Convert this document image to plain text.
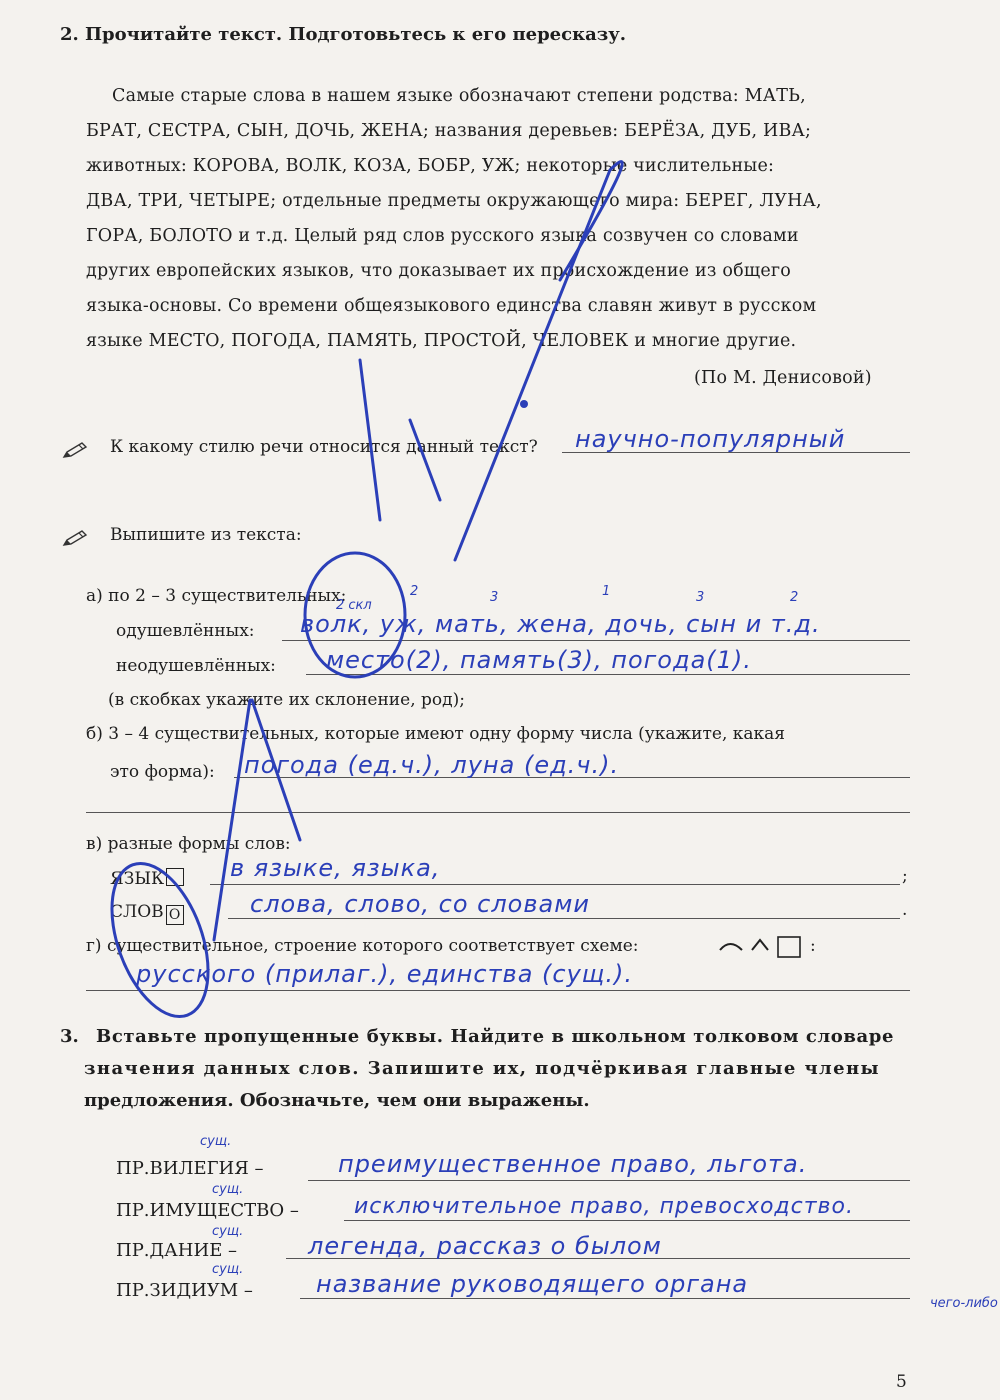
2. Прочитайте текст. Подготовьтесь к его пересказу.
Самые старые слова в нашем языке обозначают степени родства: МАТЬ,
БРАТ, СЕСТРА, СЫН, ДОЧЬ, ЖЕНА; названия деревьев: БЕРЁЗА, ДУБ, ИВА;
животных: КОРОВА, ВОЛК, КОЗА, БОБР, УЖ; некоторые числительные:
ДВА, ТРИ, ЧЕТЫРЕ; отдельные предметы окружающего мира: БЕРЕГ, ЛУНА,
ГОРА, БОЛОТО и т.д. Целый ряд слов русского языка созвучен со словами
других европейских языков, что доказывает их происхождение из общего
языка-основы. Со времени общеязыкового единства славян живут в русском
языке МЕСТО, ПОГОДА, ПАМЯТЬ, ПРОСТОЙ, ЧЕЛОВЕК и многие другие.
(По М. Денисовой)
К какому стилю речи относится данный текст? научно-популярный
Выпишите из текста:
а) по 2 – 3 существительных:
одушевлённых: волк, уж, мать, жена, дочь, сын и т.д.
2 скл
2	3	1	3	2
неодушевлённых: место(2), память(3), погода(1).
(в скобках укажите их склонение, род);
б) 3 – 4 существительных, которые имеют одну форму числа (укажите, какая
это форма): погода (ед.ч.), луна (ед.ч.).
в) разные формы слов:
ЯЗЫК	в языке, языка,	;
СЛОВ О	слова, слово, со словами	.
г) существительное, строение которого соответствует схеме:	:
русского (прилаг.), единства (сущ.).
3. Вставьте пропущенные буквы. Найдите в школьном толковом словаре
значения данных слов. Запишите их, подчёркивая главные члены
предложения. Обозначьте, чем они выражены.
ПР.ВИЛЕГИЯ –	преимущественное право, льгота.
сущ.
ПР.ИМУЩЕСТВО –	исключительное право, превосходство.
сущ.
ПР.ДАНИЕ –	легенда, рассказ о былом
сущ.
ПР.ЗИДИУМ –	название руководящего органа
сущ.
чего-либо
5
